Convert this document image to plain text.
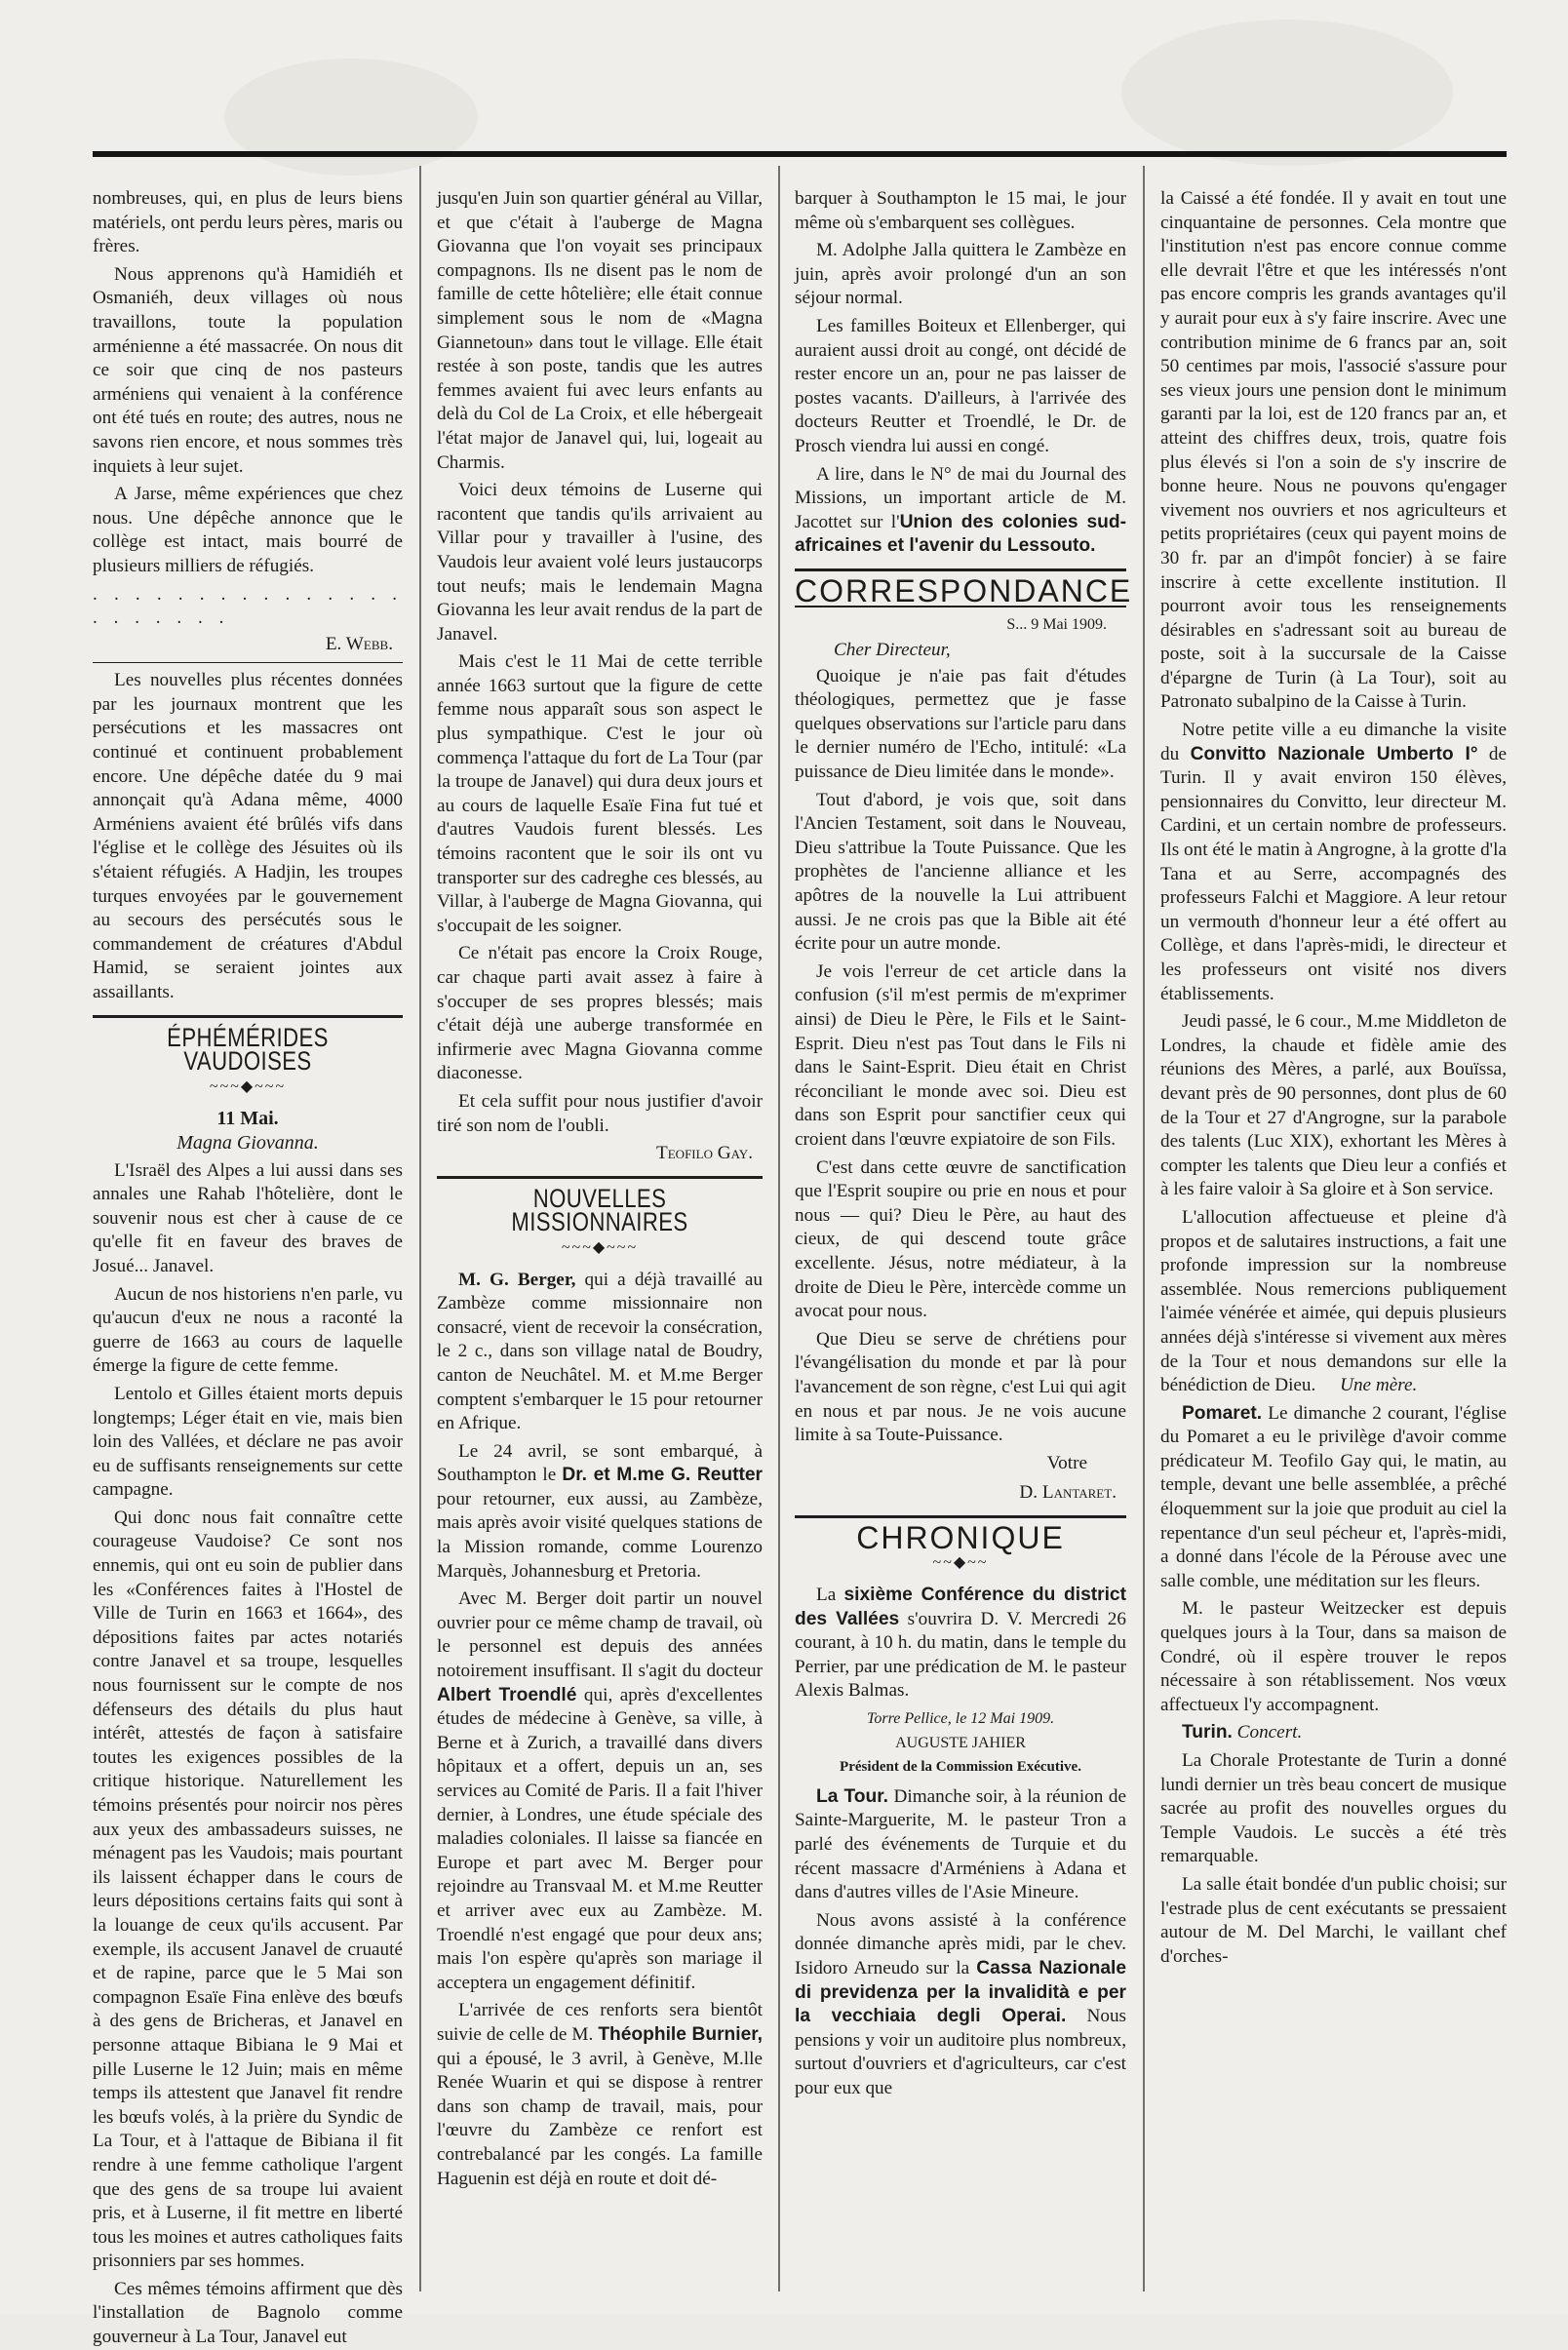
nombreuses, qui, en plus de leurs biens matériels, ont perdu leurs pères, maris ou frères.

Nous apprenons qu'à Hamidiéh et Osmaniéh, deux villages où nous travaillons, toute la population arménienne a été massacrée. On nous dit ce soir que cinq de nos pasteurs arméniens qui venaient à la conférence ont été tués en route; des autres, nous ne savons rien encore, et nous sommes très inquiets à leur sujet.

A Jarse, même expériences que chez nous. Une dépêche annonce que le collège est intact, mais bourré de plusieurs milliers de réfugiés.

. . . . . . . . . . . . . . . . . . . . . .

E. Webb.

Les nouvelles plus récentes données par les journaux montrent que les persécutions et les massacres ont continué et continuent probablement encore. Une dépêche datée du 9 mai annonçait qu'à Adana même, 4000 Arméniens avaient été brûlés vifs dans l'église et le collège des Jésuites où ils s'étaient réfugiés. A Hadjin, les troupes turques envoyées par le gouvernement au secours des persécutés sous le commandement de créatures d'Abdul Hamid, se seraient jointes aux assaillants.

ÉPHÉMÉRIDES VAUDOISES
~~~◆~~~
11 Mai.
Magna Giovanna.

L'Israël des Alpes a lui aussi dans ses annales une Rahab l'hôtelière, dont le souvenir nous est cher à cause de ce qu'elle fit en faveur des braves de Josué... Janavel.

Aucun de nos historiens n'en parle, vu qu'aucun d'eux ne nous a raconté la guerre de 1663 au cours de laquelle émerge la figure de cette femme.

Lentolo et Gilles étaient morts depuis longtemps; Léger était en vie, mais bien loin des Vallées, et déclare ne pas avoir eu de suffisants renseignements sur cette campagne.

Qui donc nous fait connaître cette courageuse Vaudoise? Ce sont nos ennemis, qui ont eu soin de publier dans les «Conférences faites à l'Hostel de Ville de Turin en 1663 et 1664», des dépositions faites par actes notariés contre Janavel et sa troupe, lesquelles nous fournissent sur le compte de nos défenseurs des détails du plus haut intérêt, attestés de façon à satisfaire toutes les exigences possibles de la critique historique. Naturellement les témoins présentés pour noircir nos pères aux yeux des ambassadeurs suisses, ne ménagent pas les Vaudois; mais pourtant ils laissent échapper dans le cours de leurs dépositions certains faits qui sont à la louange de ceux qu'ils accusent. Par exemple, ils accusent Janavel de cruauté et de rapine, parce que le 5 Mai son compagnon Esaïe Fina enlève des bœufs à des gens de Bricheras, et Janavel en personne attaque Bibiana le 9 Mai et pille Luserne le 12 Juin; mais en même temps ils attestent que Janavel fit rendre les bœufs volés, à la prière du Syndic de La Tour, et à l'attaque de Bibiana il fit rendre à une femme catholique l'argent que des gens de sa troupe lui avaient pris, et à Luserne, il fit mettre en liberté tous les moines et autres catholiques faits prisonniers par ses hommes.

Ces mêmes témoins affirment que dès l'installation de Bagnolo comme gouverneur à La Tour, Janavel eut

jusqu'en Juin son quartier général au Villar, et que c'était à l'auberge de Magna Giovanna que l'on voyait ses principaux compagnons. Ils ne disent pas le nom de famille de cette hôtelière; elle était connue simplement sous le nom de «Magna Giannetoun» dans tout le village. Elle était restée à son poste, tandis que les autres femmes avaient fui avec leurs enfants au delà du Col de La Croix, et elle hébergeait l'état major de Janavel qui, lui, logeait au Charmis.

Voici deux témoins de Luserne qui racontent que tandis qu'ils arrivaient au Villar pour y travailler à l'usine, des Vaudois leur avaient volé leurs justaucorps tout neufs; mais le lendemain Magna Giovanna les leur avait rendus de la part de Janavel.

Mais c'est le 11 Mai de cette terrible année 1663 surtout que la figure de cette femme nous apparaît sous son aspect le plus sympathique. C'est le jour où commença l'attaque du fort de La Tour (par la troupe de Janavel) qui dura deux jours et au cours de laquelle Esaïe Fina fut tué et d'autres Vaudois furent blessés. Les témoins racontent que le soir ils ont vu transporter sur des cadreghe ces blessés, au Villar, à l'auberge de Magna Giovanna, qui s'occupait de les soigner.

Ce n'était pas encore la Croix Rouge, car chaque parti avait assez à faire à s'occuper de ses propres blessés; mais c'était déjà une auberge transformée en infirmerie avec Magna Giovanna comme diaconesse.

Et cela suffit pour nous justifier d'avoir tiré son nom de l'oubli.

Teofilo Gay.

NOUVELLES MISSIONNAIRES
~~~◆~~~

M. G. Berger, qui a déjà travaillé au Zambèze comme missionnaire non consacré, vient de recevoir la consécration, le 2 c., dans son village natal de Boudry, canton de Neuchâtel. M. et M.me Berger comptent s'embarquer le 15 pour retourner en Afrique.

Le 24 avril, se sont embarqué, à Southampton le Dr. et M.me G. Reutter pour retourner, eux aussi, au Zambèze, mais après avoir visité quelques stations de la Mission romande, comme Lourenzo Marquès, Johannesburg et Pretoria.

Avec M. Berger doit partir un nouvel ouvrier pour ce même champ de travail, où le personnel est depuis des années notoirement insuffisant. Il s'agit du docteur Albert Troendlé qui, après d'excellentes études de médecine à Genève, sa ville, à Berne et à Zurich, a travaillé dans divers hôpitaux et a offert, depuis un an, ses services au Comité de Paris. Il a fait l'hiver dernier, à Londres, une étude spéciale des maladies coloniales. Il laisse sa fiancée en Europe et part avec M. Berger pour rejoindre au Transvaal M. et M.me Reutter et arriver avec eux au Zambèze. M. Troendlé n'est engagé que pour deux ans; mais l'on espère qu'après son mariage il acceptera un engagement définitif.

L'arrivée de ces renforts sera bientôt suivie de celle de M. Théophile Burnier, qui a épousé, le 3 avril, à Genève, M.lle Renée Wuarin et qui se dispose à rentrer dans son champ de travail, mais, pour l'œuvre du Zambèze ce renfort est contrebalancé par les congés. La famille Haguenin est déjà en route et doit dé-

barquer à Southampton le 15 mai, le jour même où s'embarquent ses collègues.

M. Adolphe Jalla quittera le Zambèze en juin, après avoir prolongé d'un an son séjour normal.

Les familles Boiteux et Ellenberger, qui auraient aussi droit au congé, ont décidé de rester encore un an, pour ne pas laisser de postes vacants. D'ailleurs, à l'arrivée des docteurs Reutter et Troendlé, le Dr. de Prosch viendra lui aussi en congé.

A lire, dans le N° de mai du Journal des Missions, un important article de M. Jacottet sur l'Union des colonies sud-africaines et l'avenir du Lessouto.

CORRESPONDANCE

S... 9 Mai 1909.

Cher Directeur,

Quoique je n'aie pas fait d'études théologiques, permettez que je fasse quelques observations sur l'article paru dans le dernier numéro de l'Echo, intitulé: «La puissance de Dieu limitée dans le monde».

Tout d'abord, je vois que, soit dans l'Ancien Testament, soit dans le Nouveau, Dieu s'attribue la Toute Puissance. Que les prophètes de l'ancienne alliance et les apôtres de la nouvelle la Lui attribuent aussi. Je ne crois pas que la Bible ait été écrite pour un autre monde.

Je vois l'erreur de cet article dans la confusion (s'il m'est permis de m'exprimer ainsi) de Dieu le Père, le Fils et le Saint-Esprit. Dieu n'est pas Tout dans le Fils ni dans le Saint-Esprit. Dieu était en Christ réconciliant le monde avec soi. Dieu est dans son Esprit pour sanctifier ceux qui croient dans l'œuvre expiatoire de son Fils.

C'est dans cette œuvre de sanctification que l'Esprit soupire ou prie en nous et pour nous — qui? Dieu le Père, au haut des cieux, de qui descend toute grâce excellente. Jésus, notre médiateur, à la droite de Dieu le Père, intercède comme un avocat pour nous.

Que Dieu se serve de chrétiens pour l'évangélisation du monde et par là pour l'avancement de son règne, c'est Lui qui agit en nous et par nous. Je ne vois aucune limite à sa Toute-Puissance.

Votre

D. Lantaret.

CHRONIQUE
~~◆~~

La sixième Conférence du district des Vallées s'ouvrira D. V. Mercredi 26 courant, à 10 h. du matin, dans le temple du Perrier, par une prédication de M. le pasteur Alexis Balmas.

Torre Pellice, le 12 Mai 1909.

AUGUSTE JAHIER

Président de la Commission Exécutive.

La Tour. Dimanche soir, à la réunion de Sainte-Marguerite, M. le pasteur Tron a parlé des événements de Turquie et du récent massacre d'Arméniens à Adana et dans d'autres villes de l'Asie Mineure.

Nous avons assisté à la conférence donnée dimanche après midi, par le chev. Isidoro Arneudo sur la Cassa Nazionale di previdenza per la invalidità e per la vecchiaia degli Operai. Nous pensions y voir un auditoire plus nombreux, surtout d'ouvriers et d'agriculteurs, car c'est pour eux que

la Caissé a été fondée. Il y avait en tout une cinquantaine de personnes. Cela montre que l'institution n'est pas encore connue comme elle devrait l'être et que les intéressés n'ont pas encore compris les grands avantages qu'il y aurait pour eux à s'y faire inscrire. Avec une contribution minime de 6 francs par an, soit 50 centimes par mois, l'associé s'assure pour ses vieux jours une pension dont le minimum garanti par la loi, est de 120 francs par an, et atteint des chiffres deux, trois, quatre fois plus élevés si l'on a soin de s'y inscrire de bonne heure. Nous ne pouvons qu'engager vivement nos ouvriers et nos agriculteurs et petits propriétaires (ceux qui payent moins de 30 fr. par an d'impôt foncier) à se faire inscrire à cette excellente institution. Il pourront avoir tous les renseignements désirables en s'adressant soit au bureau de poste, soit à la succursale de la Caisse d'épargne de Turin (à La Tour), soit au Patronato subalpino de la Caisse à Turin.

Notre petite ville a eu dimanche la visite du Convitto Nazionale Umberto I° de Turin. Il y avait environ 150 élèves, pensionnaires du Convitto, leur directeur M. Cardini, et un certain nombre de professeurs. Ils ont été le matin à Angrogne, à la grotte d'la Tana et au Serre, accompagnés des professeurs Falchi et Maggiore. A leur retour un vermouth d'honneur leur a été offert au Collège, et dans l'après-midi, le directeur et les professeurs ont visité nos divers établissements.

Jeudi passé, le 6 cour., M.me Middleton de Londres, la chaude et fidèle amie des réunions des Mères, a parlé, aux Bouïssa, devant près de 90 personnes, dont plus de 60 de la Tour et 27 d'Angrogne, sur la parabole des talents (Luc XIX), exhortant les Mères à compter les talents que Dieu leur a confiés et à les faire valoir à Sa gloire et à Son service.

L'allocution affectueuse et pleine d'à propos et de salutaires instructions, a fait une profonde impression sur la nombreuse assemblée. Nous remercions publiquement l'aimée vénérée et aimée, qui depuis plusieurs années déjà s'intéresse si vivement aux mères de la Tour et nous demandons sur elle la bénédiction de Dieu. Une mère.

Pomaret. Le dimanche 2 courant, l'église du Pomaret a eu le privilège d'avoir comme prédicateur M. Teofilo Gay qui, le matin, au temple, devant une belle assemblée, a prêché éloquemment sur la joie que produit au ciel la repentance d'un seul pécheur et, l'après-midi, a donné dans l'école de la Pérouse avec une salle comble, une méditation sur les fleurs.

M. le pasteur Weitzecker est depuis quelques jours à la Tour, dans sa maison de Condré, où il espère trouver le repos nécessaire à son rétablissement. Nos vœux affectueux l'y accompagnent.

Turin. Concert.

La Chorale Protestante de Turin a donné lundi dernier un très beau concert de musique sacrée au profit des nouvelles orgues du Temple Vaudois. Le succès a été très remarquable.

La salle était bondée d'un public choisi; sur l'estrade plus de cent exécutants se pressaient autour de M. Del Marchi, le vaillant chef d'orches-
